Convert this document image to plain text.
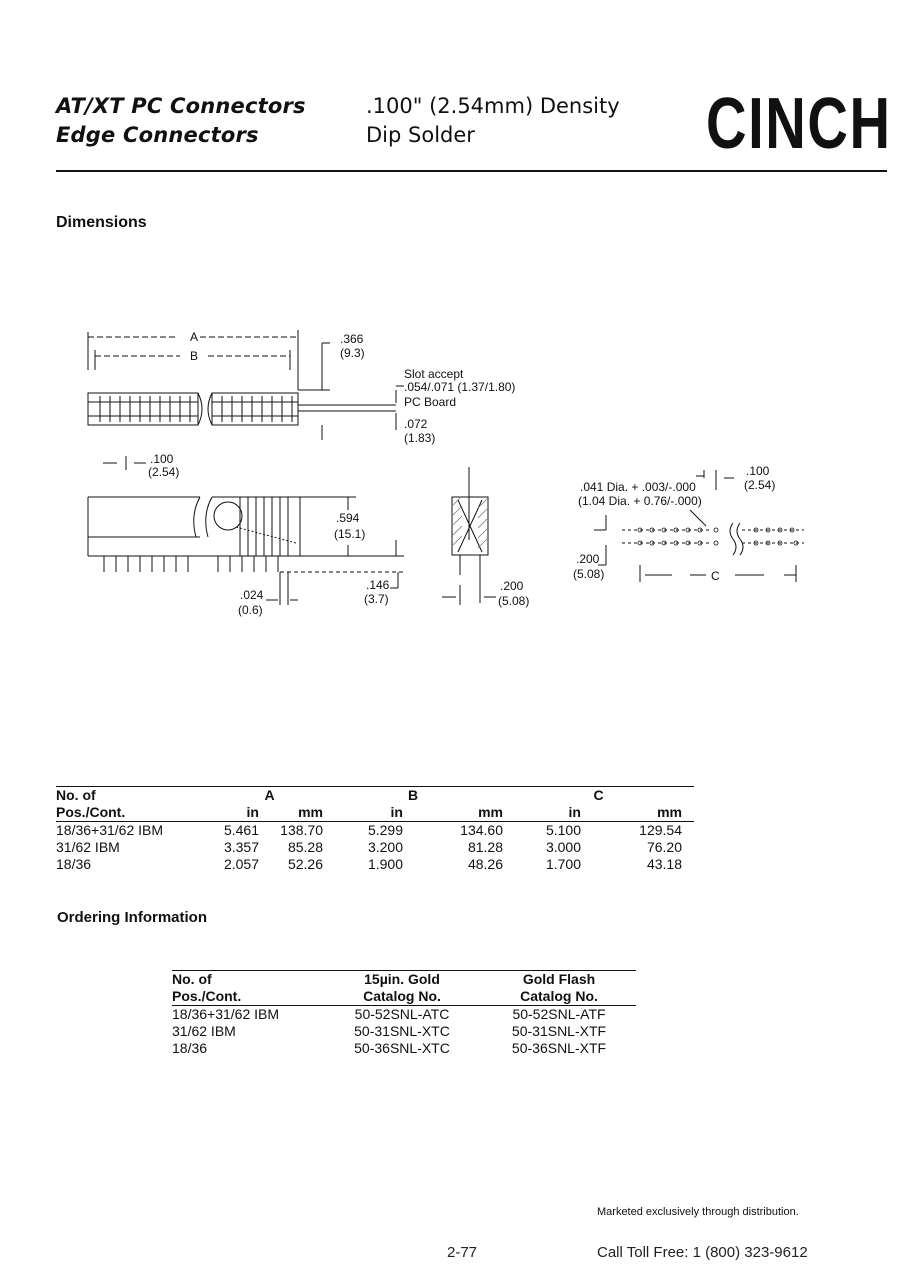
AT/XT PC Connectors
Edge Connectors
.100" (2.54mm) Density
Dip Solder	CINCH
Dimensions
A
B
.366
(9.3)
Slot accept
.054/.071 (1.37/1.80)
PC Board
.072
(1.83)
.100
(2.54)
.594
(15.1)
.146
(3.7)
.024
(0.6)
.200
(5.08)
.041 Dia. + .003/-.000
(1.04 Dia. + 0.76/-.000)
.100
(2.54)
.200
(5.08)	C
No. of	A		B		C	
Pos./Cont.	in	mm	in	mm	in	mm
18/36+31/62 IBM	5.461	138.70	5.299	134.60	5.100	129.54
31/62 IBM	3.357	85.28	3.200	81.28	3.000	76.20
18/36	2.057	52.26	1.900	48.26	1.700	43.18
Ordering Information
No. of	15µin. Gold	Gold Flash
Pos./Cont.	Catalog No.	Catalog No.
18/36+31/62 IBM	50-52SNL-ATC	50-52SNL-ATF
31/62 IBM	50-31SNL-XTC	50-31SNL-XTF
18/36	50-36SNL-XTC	50-36SNL-XTF
Marketed exclusively through distribution.
2-77	Call Toll Free: 1 (800) 323-9612
